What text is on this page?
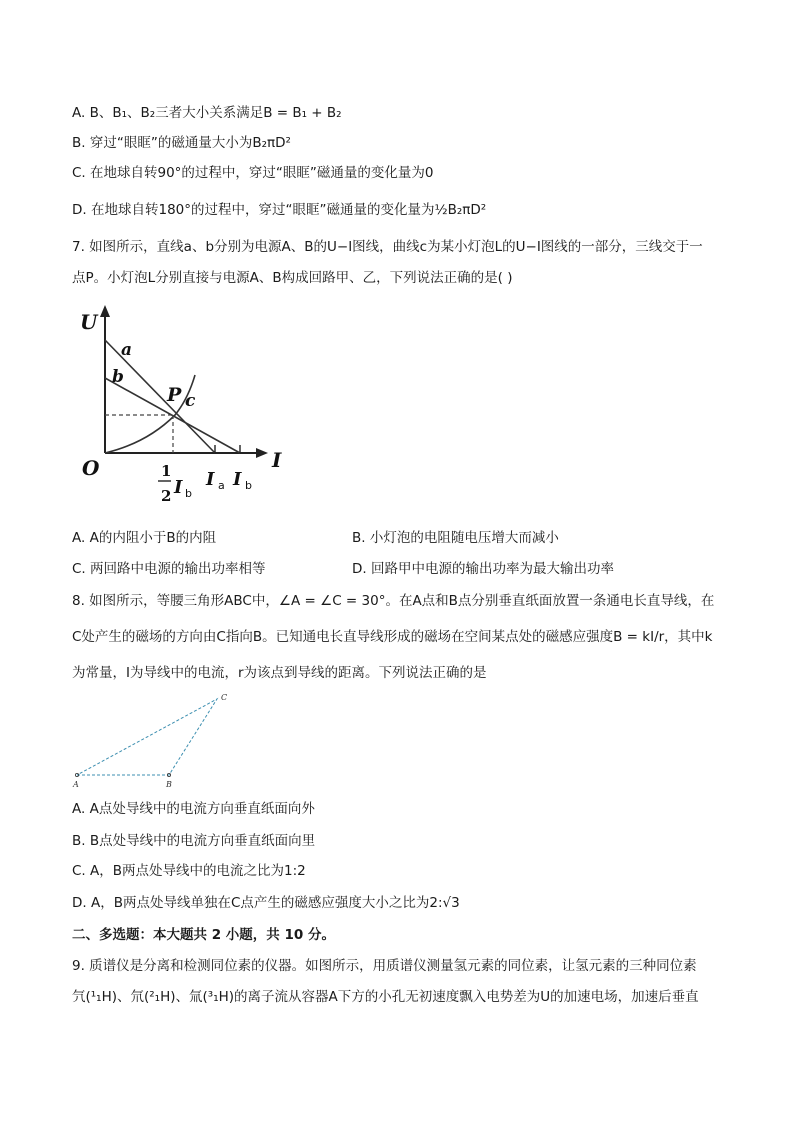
A. B、B₁、B₂三者大小关系满足B = B₁ + B₂
B. 穿过“眼眶”的磁通量大小为B₂πD²
C. 在地球自转90°的过程中，穿过“眼眶”磁通量的变化量为0
D. 在地球自转180°的过程中，穿过“眼眶”磁通量的变化量为½B₂πD²
7. 如图所示，直线a、b分别为电源A、B的U−I图线，曲线c为某小灯泡L的U−I图线的一部分，三线交于一
点P。小灯泡L分别直接与电源A、B构成回路甲、乙，下列说法正确的是( )
U
I
O
a
b
P c
1
2 I I I
b
a b
A. A的内阻小于B的内阻	B. 小灯泡的电阻随电压增大而减小
C. 两回路中电源的输出功率相等	D. 回路甲中电源的输出功率为最大输出功率
8. 如图所示，等腰三角形ABC中，∠A = ∠C = 30°。在A点和B点分别垂直纸面放置一条通电长直导线，在
C处产生的磁场的方向由C指向B。已知通电长直导线形成的磁场在空间某点处的磁感应强度B = kI/r，其中k
为常量，I为导线中的电流，r为该点到导线的距离。下列说法正确的是
A	B
C
A. A点处导线中的电流方向垂直纸面向外
B. B点处导线中的电流方向垂直纸面向里
C. A，B两点处导线中的电流之比为1:2
D. A，B两点处导线单独在C点产生的磁感应强度大小之比为2:√3
二、多选题：本大题共 2 小题，共 10 分。
9. 质谱仪是分离和检测同位素的仪器。如图所示，用质谱仪测量氢元素的同位素，让氢元素的三种同位素
氕(¹₁H)、氘(²₁H)、氚(³₁H)的离子流从容器A下方的小孔无初速度飘入电势差为U的加速电场，加速后垂直
